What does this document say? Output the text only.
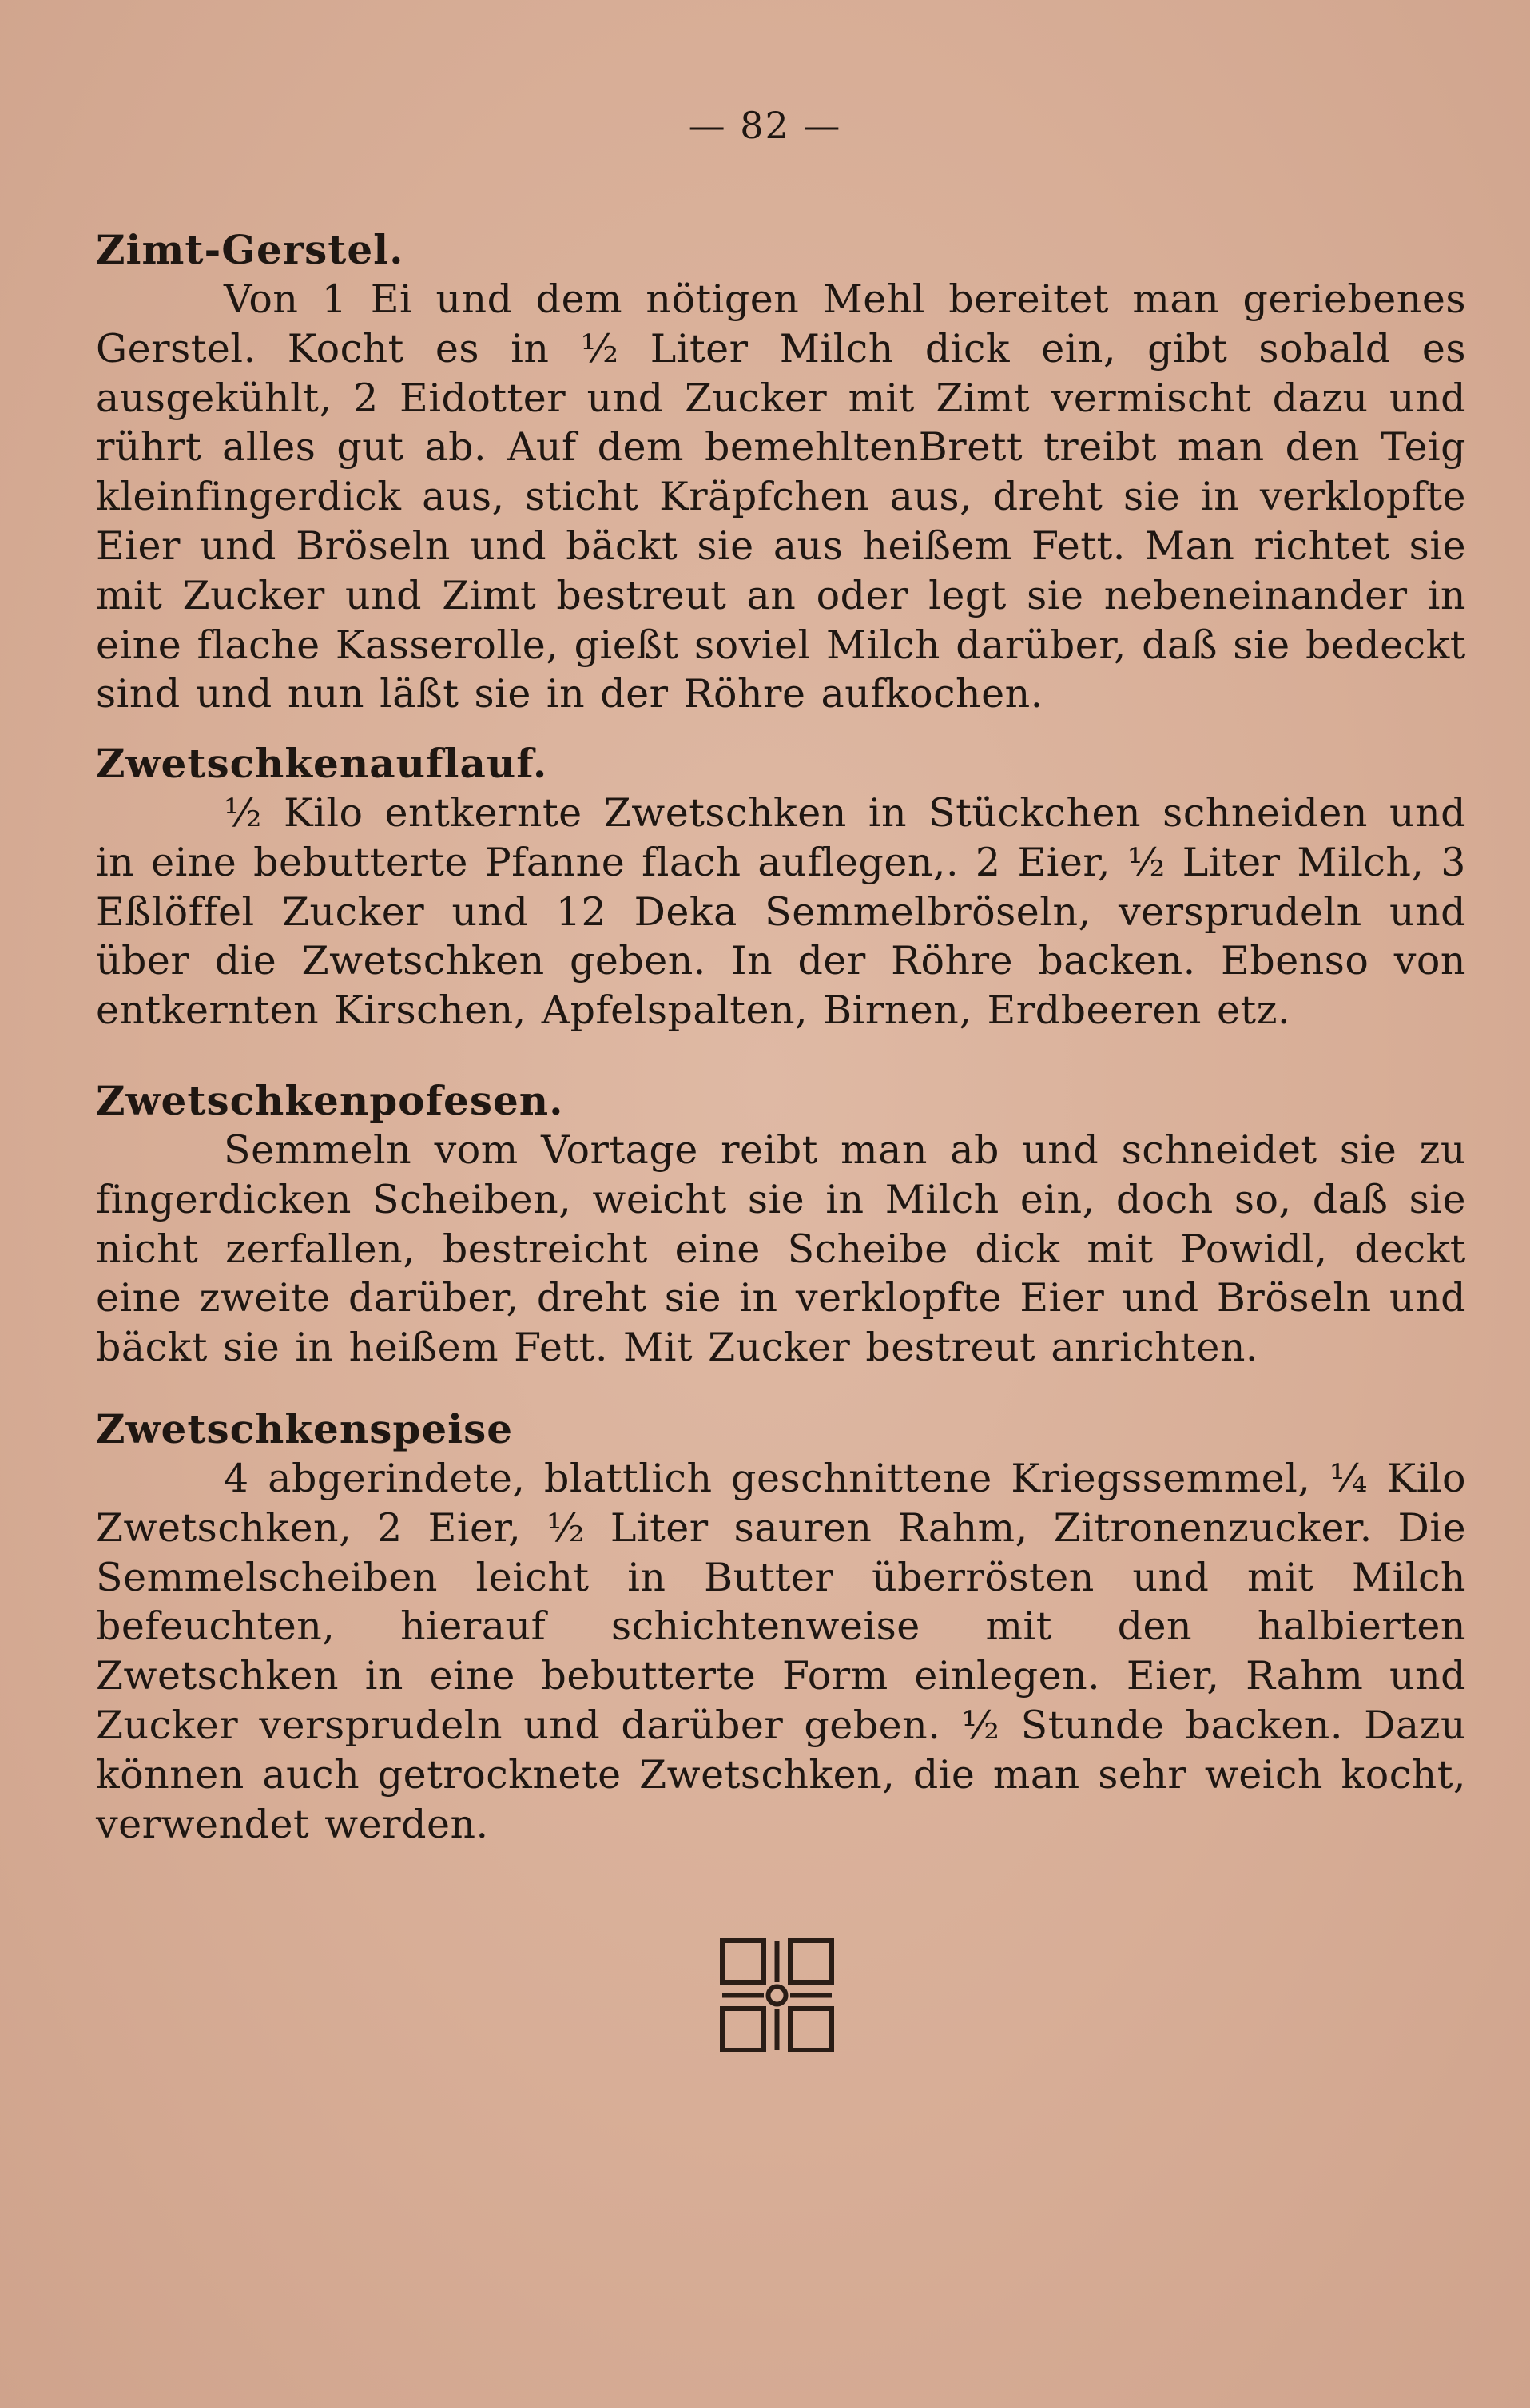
— 82 —
Zimt-Gerstel.
Von 1 Ei und dem nötigen Mehl bereitet man geriebenes Gerstel. Kocht es in ½ Liter Milch dick ein, gibt sobald es ausgekühlt, 2 Eidotter und Zucker mit Zimt vermischt dazu und rührt alles gut ab. Auf dem bemehltenBrett treibt man den Teig kleinfingerdick aus, sticht Kräpfchen aus, dreht sie in verklopfte Eier und Bröseln und bäckt sie aus heißem Fett. Man richtet sie mit Zucker und Zimt bestreut an oder legt sie nebeneinander in eine flache Kasserolle, gießt soviel Milch darüber, daß sie bedeckt sind und nun läßt sie in der Röhre aufkochen.
Zwetschkenauflauf.
½ Kilo entkernte Zwetschken in Stückchen schneiden und in eine bebutterte Pfanne flach auflegen,. 2 Eier, ½ Liter Milch, 3 Eßlöffel Zucker und 12 Deka Semmelbröseln, versprudeln und über die Zwetschken geben. In der Röhre backen. Ebenso von entkernten Kirschen, Apfelspalten, Birnen, Erdbeeren etz.
Zwetschkenpofesen.
Semmeln vom Vortage reibt man ab und schneidet sie zu fingerdicken Scheiben, weicht sie in Milch ein, doch so, daß sie nicht zerfallen, bestreicht eine Scheibe dick mit Powidl, deckt eine zweite darüber, dreht sie in verklopfte Eier und Bröseln und bäckt sie in heißem Fett. Mit Zucker bestreut anrichten.
Zwetschkenspeise
4 abgerindete, blattlich geschnittene Kriegssemmel, ¼ Kilo Zwetschken, 2 Eier, ½ Liter sauren Rahm, Zitronenzucker. Die Semmelscheiben leicht in Butter überrösten und mit Milch befeuchten, hierauf schichtenweise mit den halbierten Zwetschken in eine bebutterte Form einlegen. Eier, Rahm und Zucker versprudeln und darüber geben. ½ Stunde backen. Dazu können auch getrocknete Zwetschken, die man sehr weich kocht, verwendet werden.
